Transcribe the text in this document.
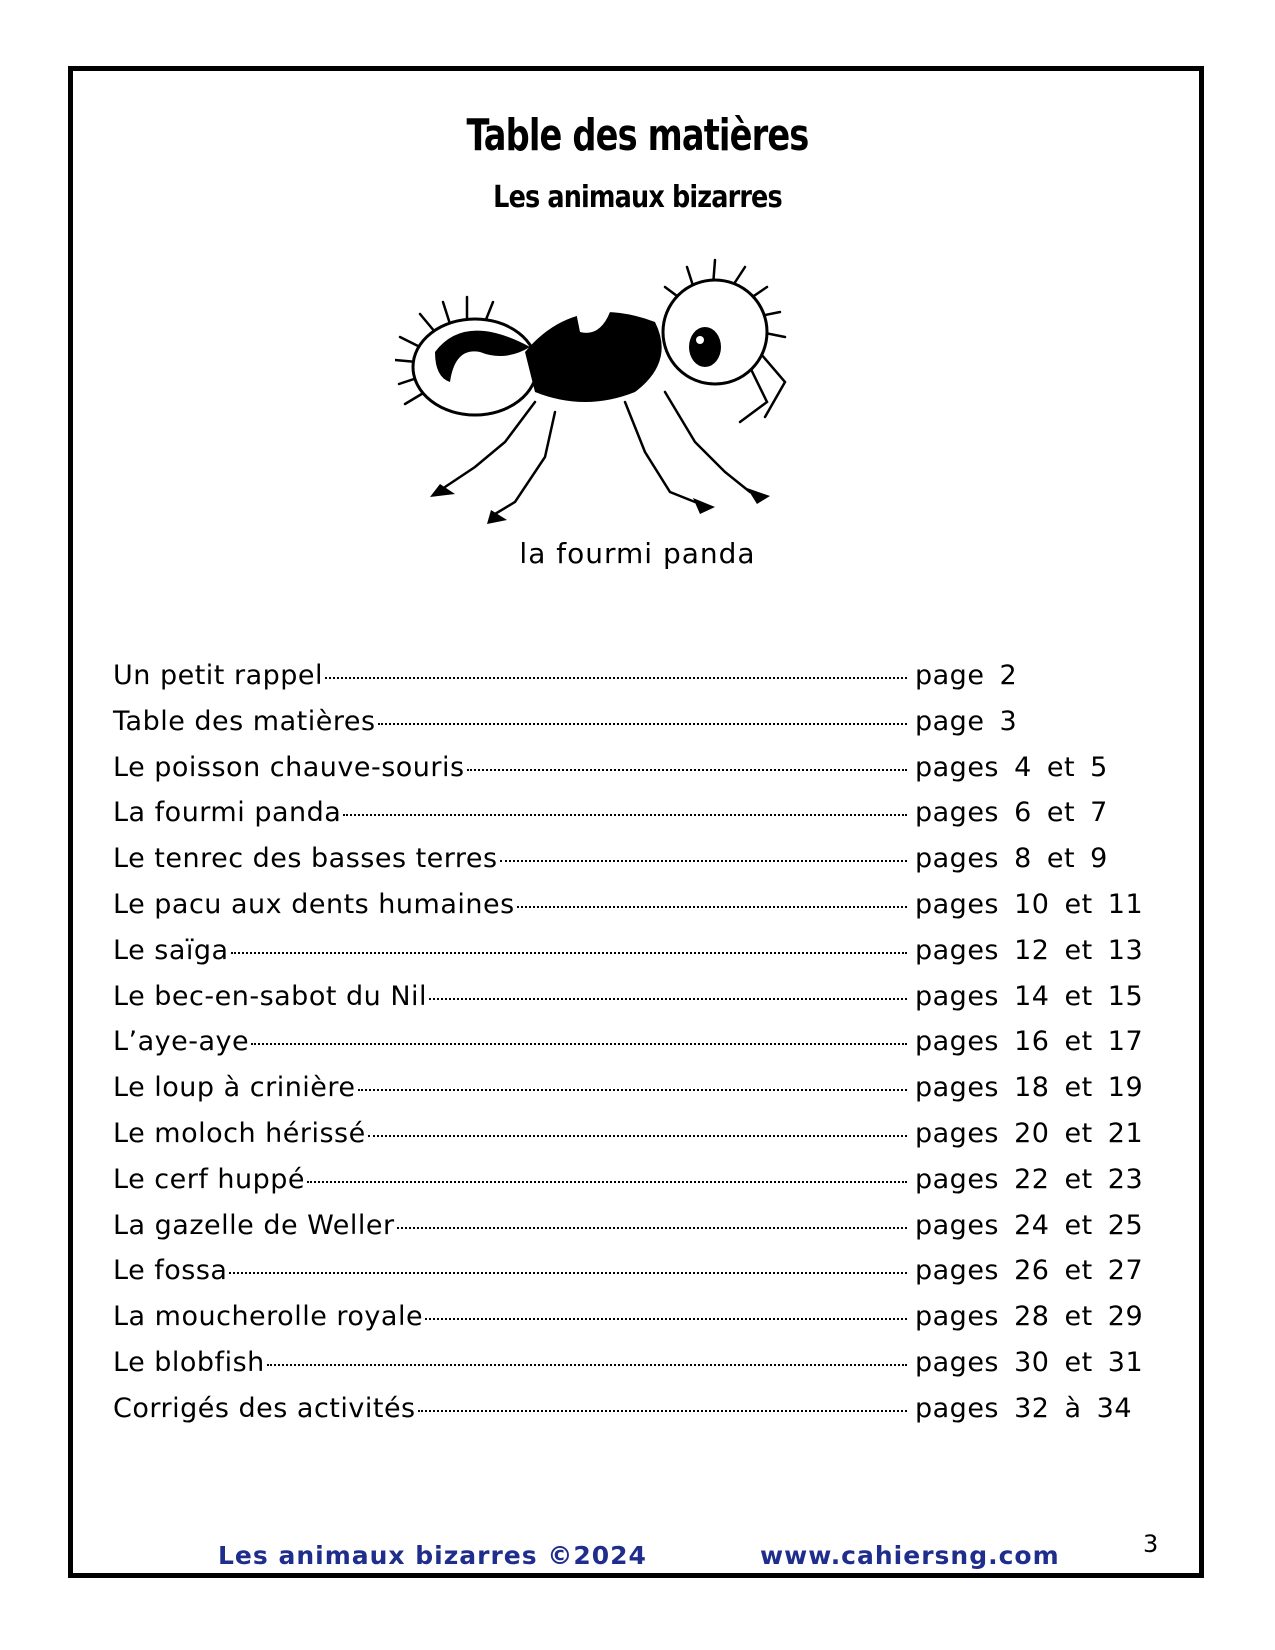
Table des matières
Les animaux bizarres
la fourmi panda
Un petit rappel	page 2
Table des matières	page 3
Le poisson chauve-souris	pages 4 et 5
La fourmi panda	pages 6 et 7
Le tenrec des basses terres	pages 8 et 9
Le pacu aux dents humaines	pages 10 et 11
Le saïga	pages 12 et 13
Le bec-en-sabot du Nil	pages 14 et 15
L’aye-aye	pages 16 et 17
Le loup à crinière	pages 18 et 19
Le moloch hérissé	pages 20 et 21
Le cerf huppé	pages 22 et 23
La gazelle de Weller	pages 24 et 25
Le fossa	pages 26 et 27
La moucherolle royale	pages 28 et 29
Le blobfish	pages 30 et 31
Corrigés des activités	pages 32 à 34
Les animaux bizarres ©2024	www.cahiersng.com	3
